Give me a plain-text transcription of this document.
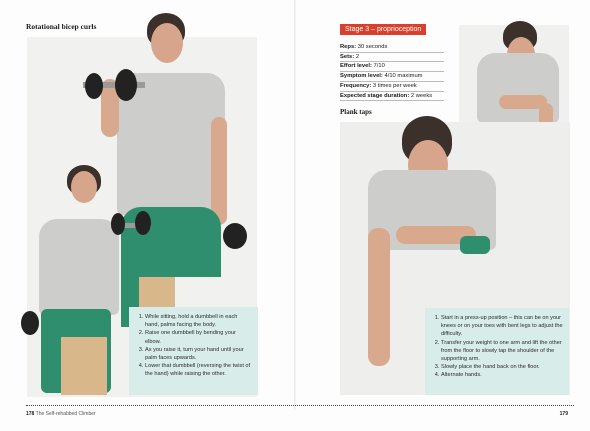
Rotational bicep curls
1. While sitting, hold a dumbbell in each hand, palms facing the body.
2. Raise one dumbbell by bending your elbow.
3. As you raise it, turn your hand until your palm faces upwards.
4. Lower that dumbbell (reversing the twist of the hand) while raising the other.
Stage 3 – proprioception
Reps: 30 seconds
Sets: 2
Effort level: 7/10
Symptom level: 4/10 maximum
Frequency: 3 times per week
Expected stage duration: 2 weeks
Plank taps
1. Start in a press-up position – this can be on your knees or on your toes with bent legs to adjust the difficulty.
2. Transfer your weight to one arm and lift the other from the floor to slowly tap the shoulder of the supporting arm.
3. Slowly place the hand back on the floor.
4. Alternate hands.
178 The Self-rehabbed Climber	179
